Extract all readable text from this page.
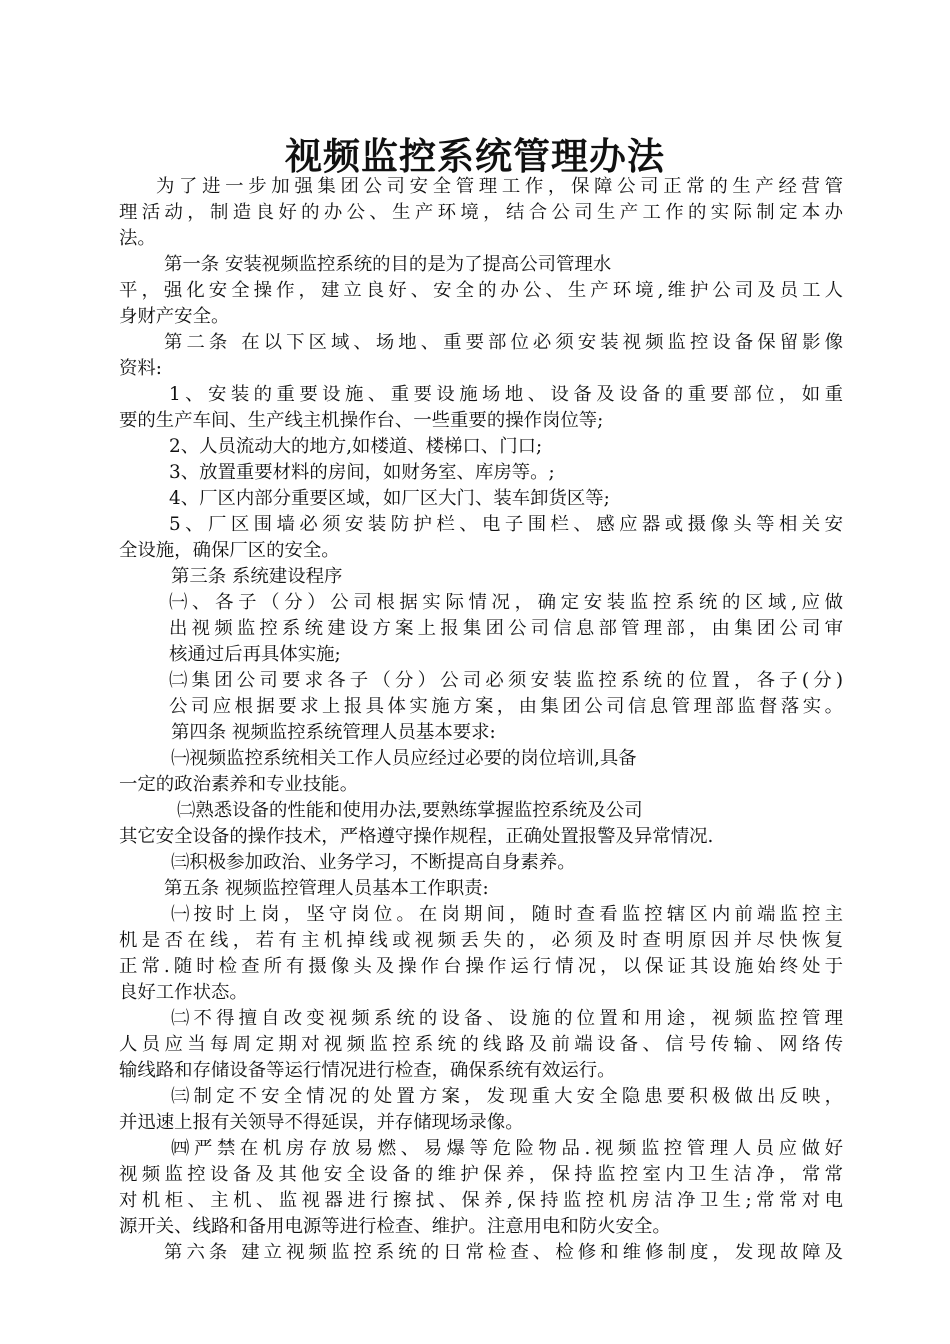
视频监控系统管理办法

为了进一步加强集团公司安全管理工作，保障公司正常的生产经营管

理活动，制造良好的办公、生产环境，结合公司生产工作的实际制定本办

法。

第一条 安装视频监控系统的目的是为了提高公司管理水

平，强化安全操作，建立良好、安全的办公、生产环境,维护公司及员工人

身财产安全。

第二条 在以下区域、场地、重要部位必须安装视频监控设备保留影像

资料:

1、安装的重要设施、重要设施场地、设备及设备的重要部位，如重

要的生产车间、生产线主机操作台、一些重要的操作岗位等;

2、人员流动大的地方,如楼道、楼梯口、门口;

3、放置重要材料的房间，如财务室、库房等。;

4、厂区内部分重要区域，如厂区大门、装车卸货区等;

5、厂区围墙必须安装防护栏、电子围栏、感应器或摄像头等相关安

全设施，确保厂区的安全。

第三条 系统建设程序

㈠、各子（分）公司根据实际情况，确定安装监控系统的区域,应做

出视频监控系统建设方案上报集团公司信息部管理部，由集团公司审

核通过后再具体实施;

㈡集团公司要求各子（分）公司必须安装监控系统的位置，各子(分)

公司应根据要求上报具体实施方案，由集团公司信息管理部监督落实。

第四条 视频监控系统管理人员基本要求:

㈠视频监控系统相关工作人员应经过必要的岗位培训,具备

一定的政治素养和专业技能。

㈡熟悉设备的性能和使用办法,要熟练掌握监控系统及公司

其它安全设备的操作技术，严格遵守操作规程，正确处置报警及异常情况.

㈢积极参加政治、业务学习，不断提高自身素养。

第五条 视频监控管理人员基本工作职责:

㈠按时上岗，坚守岗位。在岗期间，随时查看监控辖区内前端监控主

机是否在线，若有主机掉线或视频丢失的，必须及时查明原因并尽快恢复

正常.随时检查所有摄像头及操作台操作运行情况，以保证其设施始终处于

良好工作状态。

㈡不得擅自改变视频系统的设备、设施的位置和用途，视频监控管理

人员应当每周定期对视频监控系统的线路及前端设备、信号传输、网络传

输线路和存储设备等运行情况进行检查，确保系统有效运行。

㈢制定不安全情况的处置方案，发现重大安全隐患要积极做出反映，

并迅速上报有关领导不得延误，并存储现场录像。

㈣严禁在机房存放易燃、易爆等危险物品.视频监控管理人员应做好

视频监控设备及其他安全设备的维护保养，保持监控室内卫生洁净，常常

对机柜、主机、监视器进行擦拭、保养,保持监控机房洁净卫生;常常对电

源开关、线路和备用电源等进行检查、维护。注意用电和防火安全。

第六条 建立视频监控系统的日常检查、检修和维修制度，发现故障及
